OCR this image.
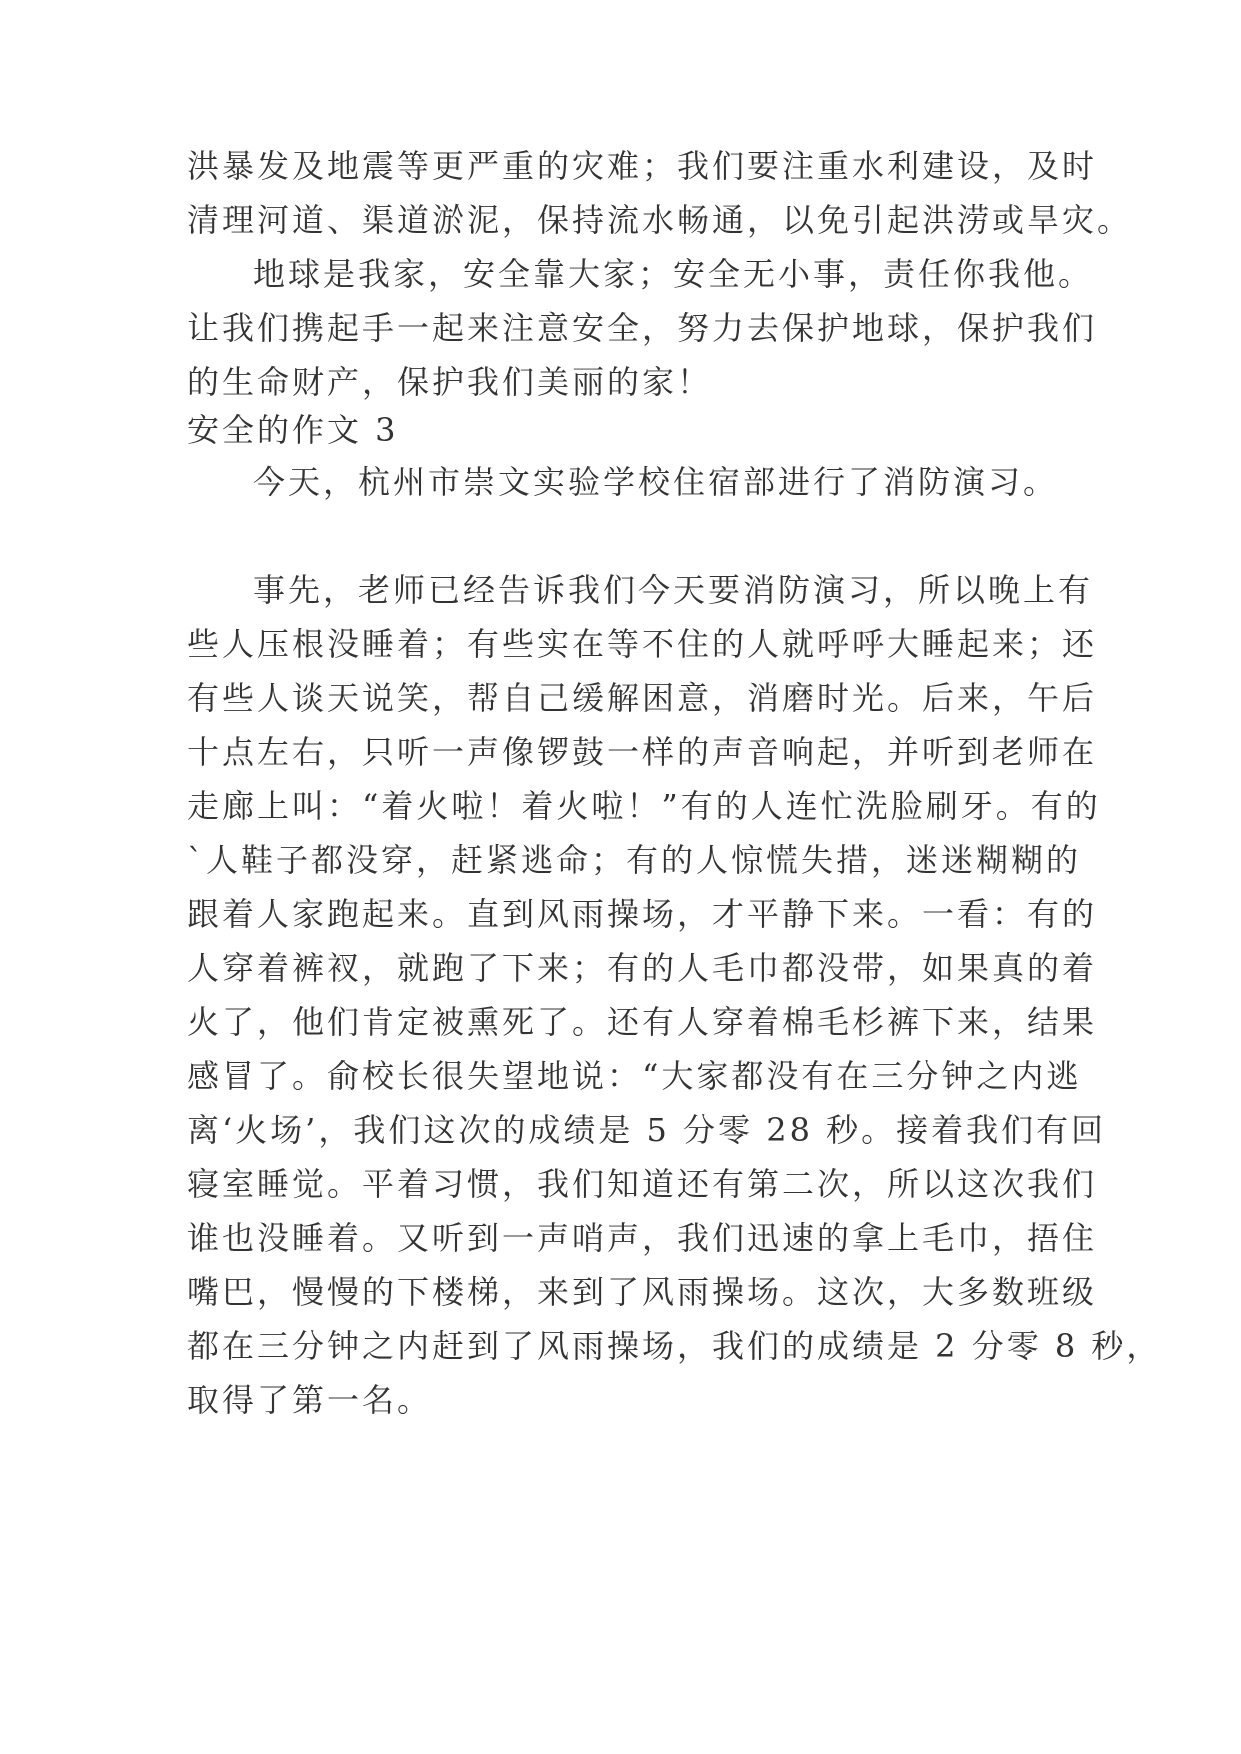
洪暴发及地震等更严重的灾难；我们要注重水利建设，及时
清理河道、渠道淤泥，保持流水畅通，以免引起洪涝或旱灾。
地球是我家，安全靠大家；安全无小事，责任你我他。
让我们携起手一起来注意安全，努力去保护地球，保护我们
的生命财产，保护我们美丽的家！
安全的作文 3
今天，杭州市崇文实验学校住宿部进行了消防演习。
事先，老师已经告诉我们今天要消防演习，所以晚上有
些人压根没睡着；有些实在等不住的人就呼呼大睡起来；还
有些人谈天说笑，帮自己缓解困意，消磨时光。后来，午后
十点左右，只听一声像锣鼓一样的声音响起，并听到老师在
走廊上叫：“着火啦！着火啦！”有的人连忙洗脸刷牙。有的
`人鞋子都没穿，赶紧逃命；有的人惊慌失措，迷迷糊糊的
跟着人家跑起来。直到风雨操场，才平静下来。一看：有的
人穿着裤衩，就跑了下来；有的人毛巾都没带，如果真的着
火了，他们肯定被熏死了。还有人穿着棉毛杉裤下来，结果
感冒了。俞校长很失望地说：“大家都没有在三分钟之内逃
离‘火场’，我们这次的成绩是 5 分零 28 秒。接着我们有回
寝室睡觉。平着习惯，我们知道还有第二次，所以这次我们
谁也没睡着。又听到一声哨声，我们迅速的拿上毛巾，捂住
嘴巴，慢慢的下楼梯，来到了风雨操场。这次，大多数班级
都在三分钟之内赶到了风雨操场，我们的成绩是 2 分零 8 秒，
取得了第一名。
